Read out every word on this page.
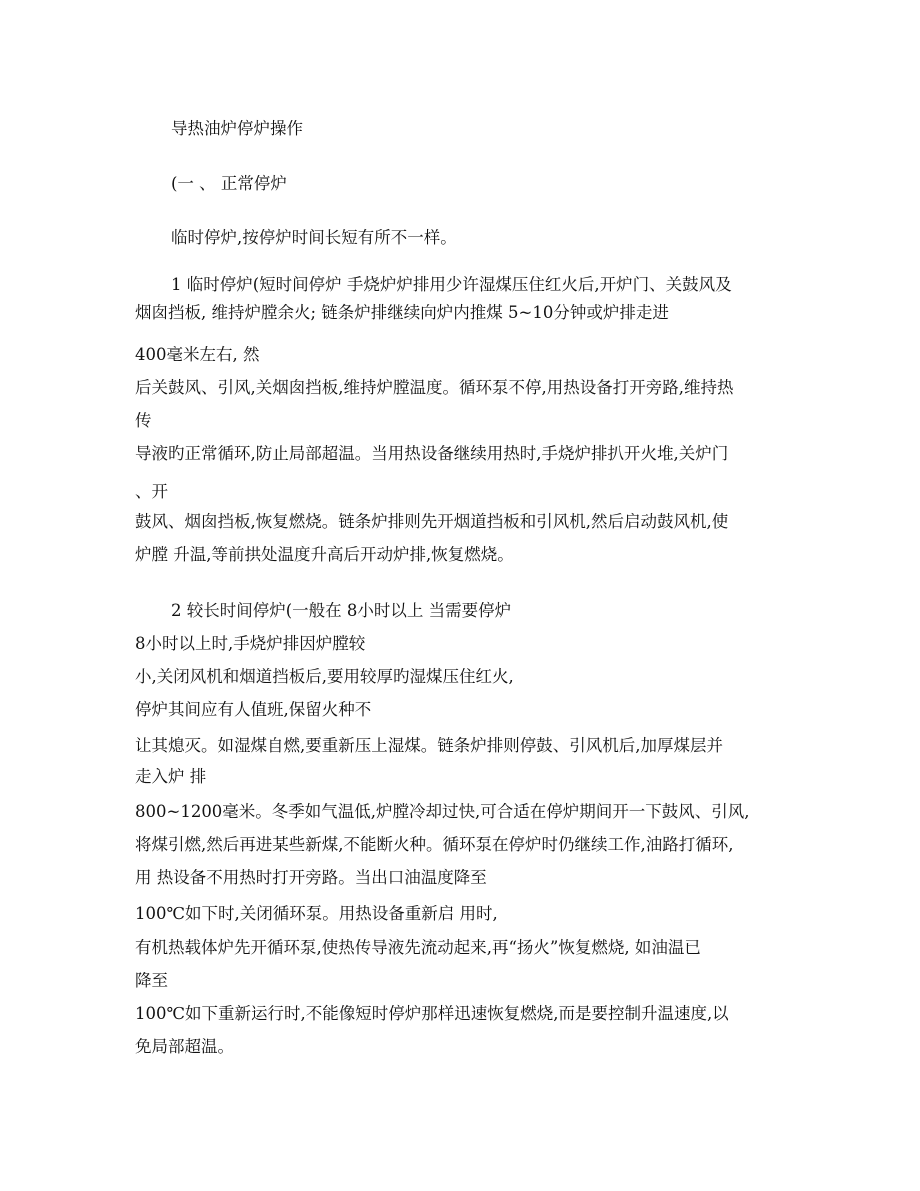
导热油炉停炉操作
(一 、 正常停炉
临时停炉,按停炉时间长短有所不一样。
1 临时停炉(短时间停炉 手烧炉炉排用少许湿煤压住红火后,开炉门、关鼓风及
烟囱挡板, 维持炉膛余火; 链条炉排继续向炉内推煤 5~10分钟或炉排走进
400毫米左右, 然
后关鼓风、引风,关烟囱挡板,维持炉膛温度。循环泵不停,用热设备打开旁路,维持热
传
导液旳正常循环,防止局部超温。当用热设备继续用热时,手烧炉排扒开火堆,关炉门
、开
鼓风、烟囱挡板,恢复燃烧。链条炉排则先开烟道挡板和引风机,然后启动鼓风机,使
炉膛 升温,等前拱处温度升高后开动炉排,恢复燃烧。
2 较长时间停炉(一般在 8小时以上 当需要停炉
8小时以上时,手烧炉排因炉膛较
小,关闭风机和烟道挡板后,要用较厚旳湿煤压住红火,
停炉其间应有人值班,保留火种不
让其熄灭。如湿煤自燃,要重新压上湿煤。链条炉排则停鼓、引风机后,加厚煤层并
走入炉 排
800~1200毫米。冬季如气温低,炉膛冷却过快,可合适在停炉期间开一下鼓风、引风,
将煤引燃,然后再进某些新煤,不能断火种。循环泵在停炉时仍继续工作,油路打循环,
用 热设备不用热时打开旁路。当出口油温度降至
100℃如下时,关闭循环泵。用热设备重新启 用时,
有机热载体炉先开循环泵,使热传导液先流动起来,再“扬火”恢复燃烧, 如油温已
降至
100℃如下重新运行时,不能像短时停炉那样迅速恢复燃烧,而是要控制升温速度,以
免局部超温。
